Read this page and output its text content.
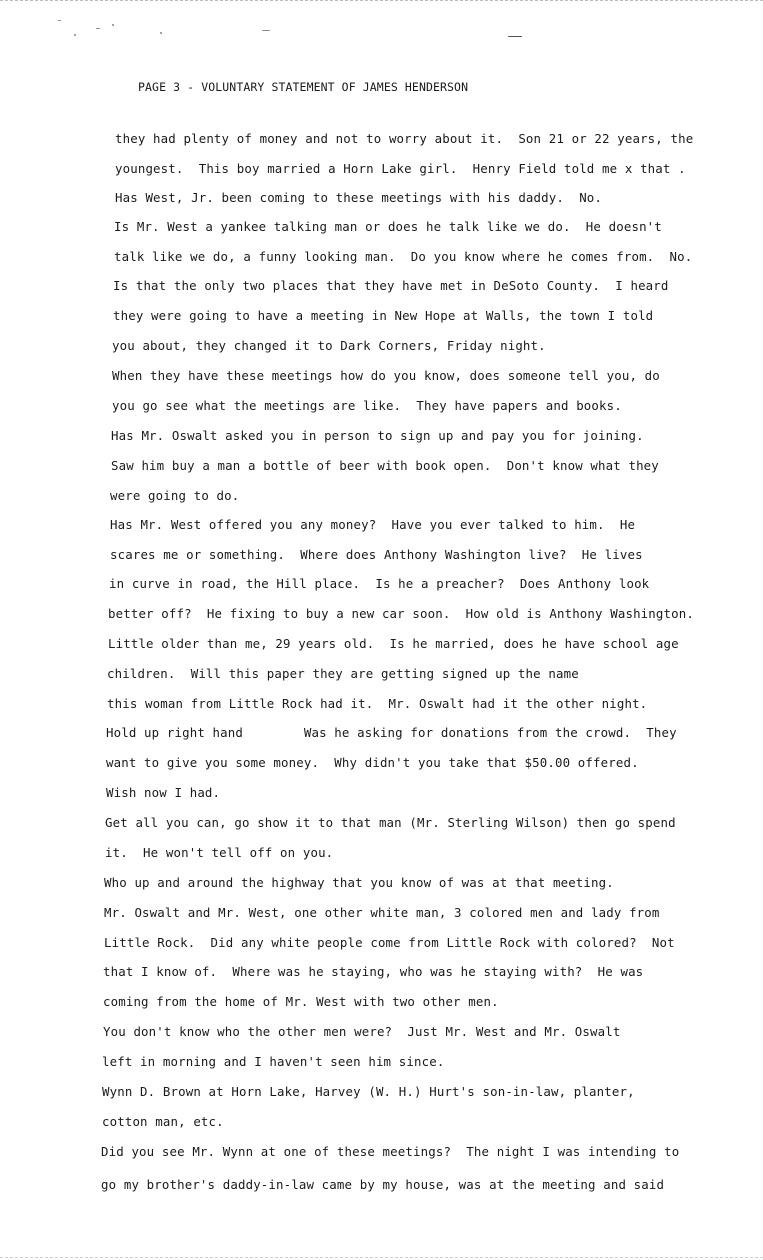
PAGE 3 - VOLUNTARY STATEMENT OF JAMES HENDERSON
they had plenty of money and not to worry about it.  Son 21 or 22 years, the
youngest.  This boy married a Horn Lake girl.  Henry Field told me x that .
Has West, Jr. been coming to these meetings with his daddy.  No.
Is Mr. West a yankee talking man or does he talk like we do.  He doesn't
talk like we do, a funny looking man.  Do you know where he comes from.  No.
Is that the only two places that they have met in DeSoto County.  I heard
they were going to have a meeting in New Hope at Walls, the town I told
you about, they changed it to Dark Corners, Friday night.
When they have these meetings how do you know, does someone tell you, do
you go see what the meetings are like.  They have papers and books.
Has Mr. Oswalt asked you in person to sign up and pay you for joining.
Saw him buy a man a bottle of beer with book open.  Don't know what they
were going to do.
Has Mr. West offered you any money?  Have you ever talked to him.  He
scares me or something.  Where does Anthony Washington live?  He lives
in curve in road, the Hill place.  Is he a preacher?  Does Anthony look
better off?  He fixing to buy a new car soon.  How old is Anthony Washington.
Little older than me, 29 years old.  Is he married, does he have school age
children.  Will this paper they are getting signed up the name
this woman from Little Rock had it.  Mr. Oswalt had it the other night.
Hold up right hand        Was he asking for donations from the crowd.  They
want to give you some money.  Why didn't you take that $50.00 offered.
Wish now I had.
Get all you can, go show it to that man (Mr. Sterling Wilson) then go spend
it.  He won't tell off on you.
Who up and around the highway that you know of was at that meeting.
Mr. Oswalt and Mr. West, one other white man, 3 colored men and lady from
Little Rock.  Did any white people come from Little Rock with colored?  Not
that I know of.  Where was he staying, who was he staying with?  He was
coming from the home of Mr. West with two other men.
You don't know who the other men were?  Just Mr. West and Mr. Oswalt
left in morning and I haven't seen him since.
Wynn D. Brown at Horn Lake, Harvey (W. H.) Hurt's son-in-law, planter,
cotton man, etc.
Did you see Mr. Wynn at one of these meetings?  The night I was intending to
go my brother's daddy-in-law came by my house, was at the meeting and said
